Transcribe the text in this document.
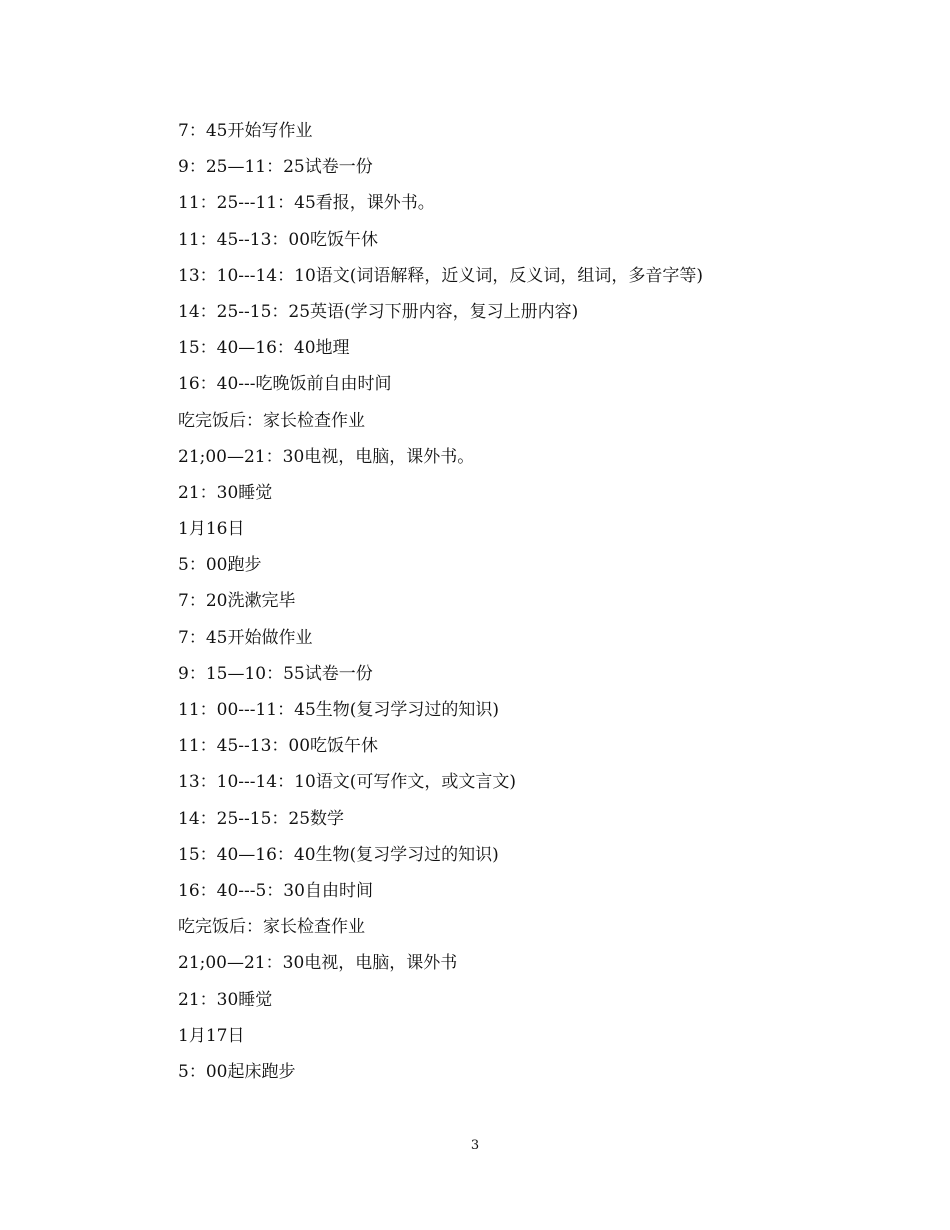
7：45开始写作业
9：25—11：25试卷一份
11：25---11：45看报，课外书。
11：45--13：00吃饭午休
13：10---14：10语文(词语解释，近义词，反义词，组词，多音字等)
14：25--15：25英语(学习下册内容，复习上册内容)
15：40—16：40地理
16：40---吃晚饭前自由时间
吃完饭后：家长检查作业
21;00—21：30电视，电脑，课外书。
21：30睡觉
1月16日
5：00跑步
7：20洗漱完毕
7：45开始做作业
9：15—10：55试卷一份
11：00---11：45生物(复习学习过的知识)
11：45--13：00吃饭午休
13：10---14：10语文(可写作文，或文言文)
14：25--15：25数学
15：40—16：40生物(复习学习过的知识)
16：40---5：30自由时间
吃完饭后：家长检查作业
21;00—21：30电视，电脑，课外书
21：30睡觉
1月17日
5：00起床跑步
3
